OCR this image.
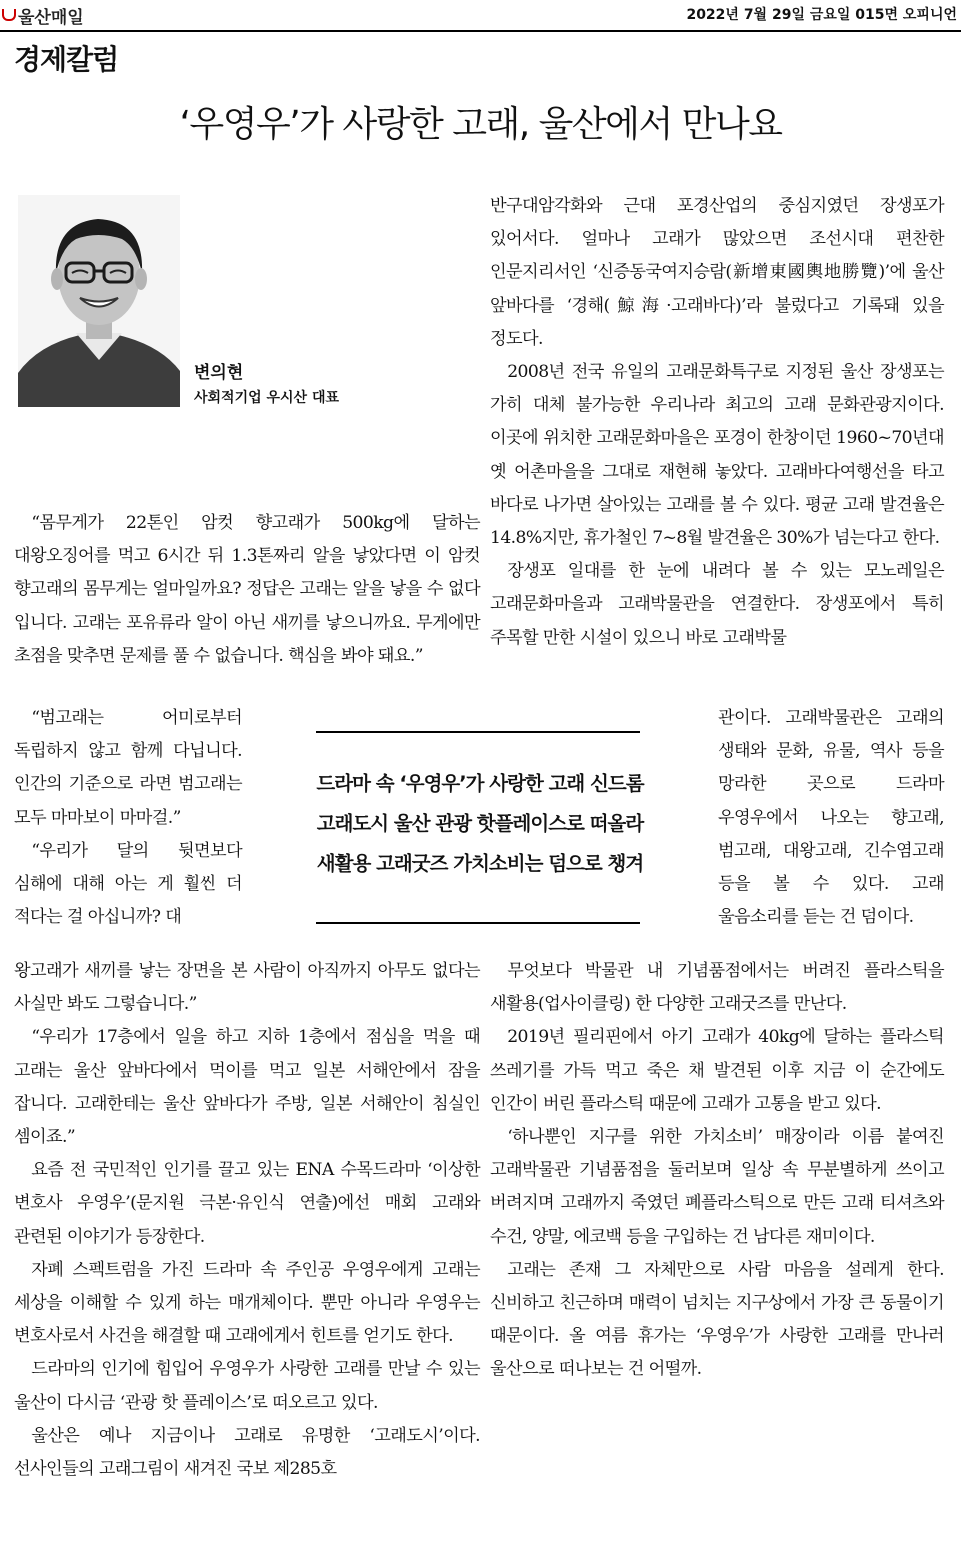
울산매일	2022년 7월 29일 금요일 015면 오피니언
경제칼럼
‘우영우’가 사랑한 고래, 울산에서 만나요
변의현
사회적기업 우시산 대표

“몸무게가 22톤인 암컷 향고래가 500kg에 달하는 대왕오징어를 먹고 6시간 뒤 1.3톤짜리 알을 낳았다면 이 암컷 향고래의 몸무게는 얼마일까요? 정답은 고래는 알을 낳을 수 없다 입니다. 고래는 포유류라 알이 아닌 새끼를 낳으니까요. 무게에만 초점을 맞추면 문제를 풀 수 없습니다. 핵심을 봐야 돼요.”

“범고래는 어미로부터 독립하지 않고 함께 다닙니다. 인간의 기준으로 라면 범고래는 모두 마마보이 마마걸.”

“우리가 달의 뒷면보다 심해에 대해 아는 게 훨씬 더 적다는 걸 아십니까? 대

왕고래가 새끼를 낳는 장면을 본 사람이 아직까지 아무도 없다는 사실만 봐도 그렇습니다.”

“우리가 17층에서 일을 하고 지하 1층에서 점심을 먹을 때 고래는 울산 앞바다에서 먹이를 먹고 일본 서해안에서 잠을 잡니다. 고래한테는 울산 앞바다가 주방, 일본 서해안이 침실인 셈이죠.”

요즘 전 국민적인 인기를 끌고 있는 ENA 수목드라마 ‘이상한 변호사 우영우’(문지원 극본·유인식 연출)에선 매회 고래와 관련된 이야기가 등장한다.

자폐 스펙트럼을 가진 드라마 속 주인공 우영우에게 고래는 세상을 이해할 수 있게 하는 매개체이다. 뿐만 아니라 우영우는 변호사로서 사건을 해결할 때 고래에게서 힌트를 얻기도 한다.

드라마의 인기에 힘입어 우영우가 사랑한 고래를 만날 수 있는 울산이 다시금 ‘관광 핫 플레이스’로 떠오르고 있다.

울산은 예나 지금이나 고래로 유명한 ‘고래도시’이다. 선사인들의 고래그림이 새겨진 국보 제285호

드라마 속 ‘우영우’가 사랑한 고래 신드롬
고래도시 울산 관광 핫플레이스로 떠올라
새활용 고래굿즈 가치소비는 덤으로 챙겨

반구대암각화와 근대 포경산업의 중심지였던 장생포가 있어서다. 얼마나 고래가 많았으면 조선시대 편찬한 인문지리서인 ‘신증동국여지승람(新增東國輿地勝覽)’에 울산 앞바다를 ‘경해(鯨海·고래바다)’라 불렀다고 기록돼 있을 정도다.

2008년 전국 유일의 고래문화특구로 지정된 울산 장생포는 가히 대체 불가능한 우리나라 최고의 고래 문화관광지이다. 이곳에 위치한 고래문화마을은 포경이 한창이던 1960~70년대 옛 어촌마을을 그대로 재현해 놓았다. 고래바다여행선을 타고 바다로 나가면 살아있는 고래를 볼 수 있다. 평균 고래 발견율은 14.8%지만, 휴가철인 7~8월 발견율은 30%가 넘는다고 한다.

장생포 일대를 한 눈에 내려다 볼 수 있는 모노레일은 고래문화마을과 고래박물관을 연결한다. 장생포에서 특히 주목할 만한 시설이 있으니 바로 고래박물

관이다. 고래박물관은 고래의 생태와 문화, 유물, 역사 등을 망라한 곳으로 드라마 우영우에서 나오는 향고래, 범고래, 대왕고래, 긴수염고래 등을 볼 수 있다. 고래 울음소리를 듣는 건 덤이다.

무엇보다 박물관 내 기념품점에서는 버려진 플라스틱을 새활용(업사이클링) 한 다양한 고래굿즈를 만난다.

2019년 필리핀에서 아기 고래가 40kg에 달하는 플라스틱 쓰레기를 가득 먹고 죽은 채 발견된 이후 지금 이 순간에도 인간이 버린 플라스틱 때문에 고래가 고통을 받고 있다.

‘하나뿐인 지구를 위한 가치소비’ 매장이라 이름 붙여진 고래박물관 기념품점을 둘러보며 일상 속 무분별하게 쓰이고 버려지며 고래까지 죽였던 폐플라스틱으로 만든 고래 티셔츠와 수건, 양말, 에코백 등을 구입하는 건 남다른 재미이다.

고래는 존재 그 자체만으로 사람 마음을 설레게 한다. 신비하고 친근하며 매력이 넘치는 지구상에서 가장 큰 동물이기 때문이다. 올 여름 휴가는 ‘우영우’가 사랑한 고래를 만나러 울산으로 떠나보는 건 어떨까.
